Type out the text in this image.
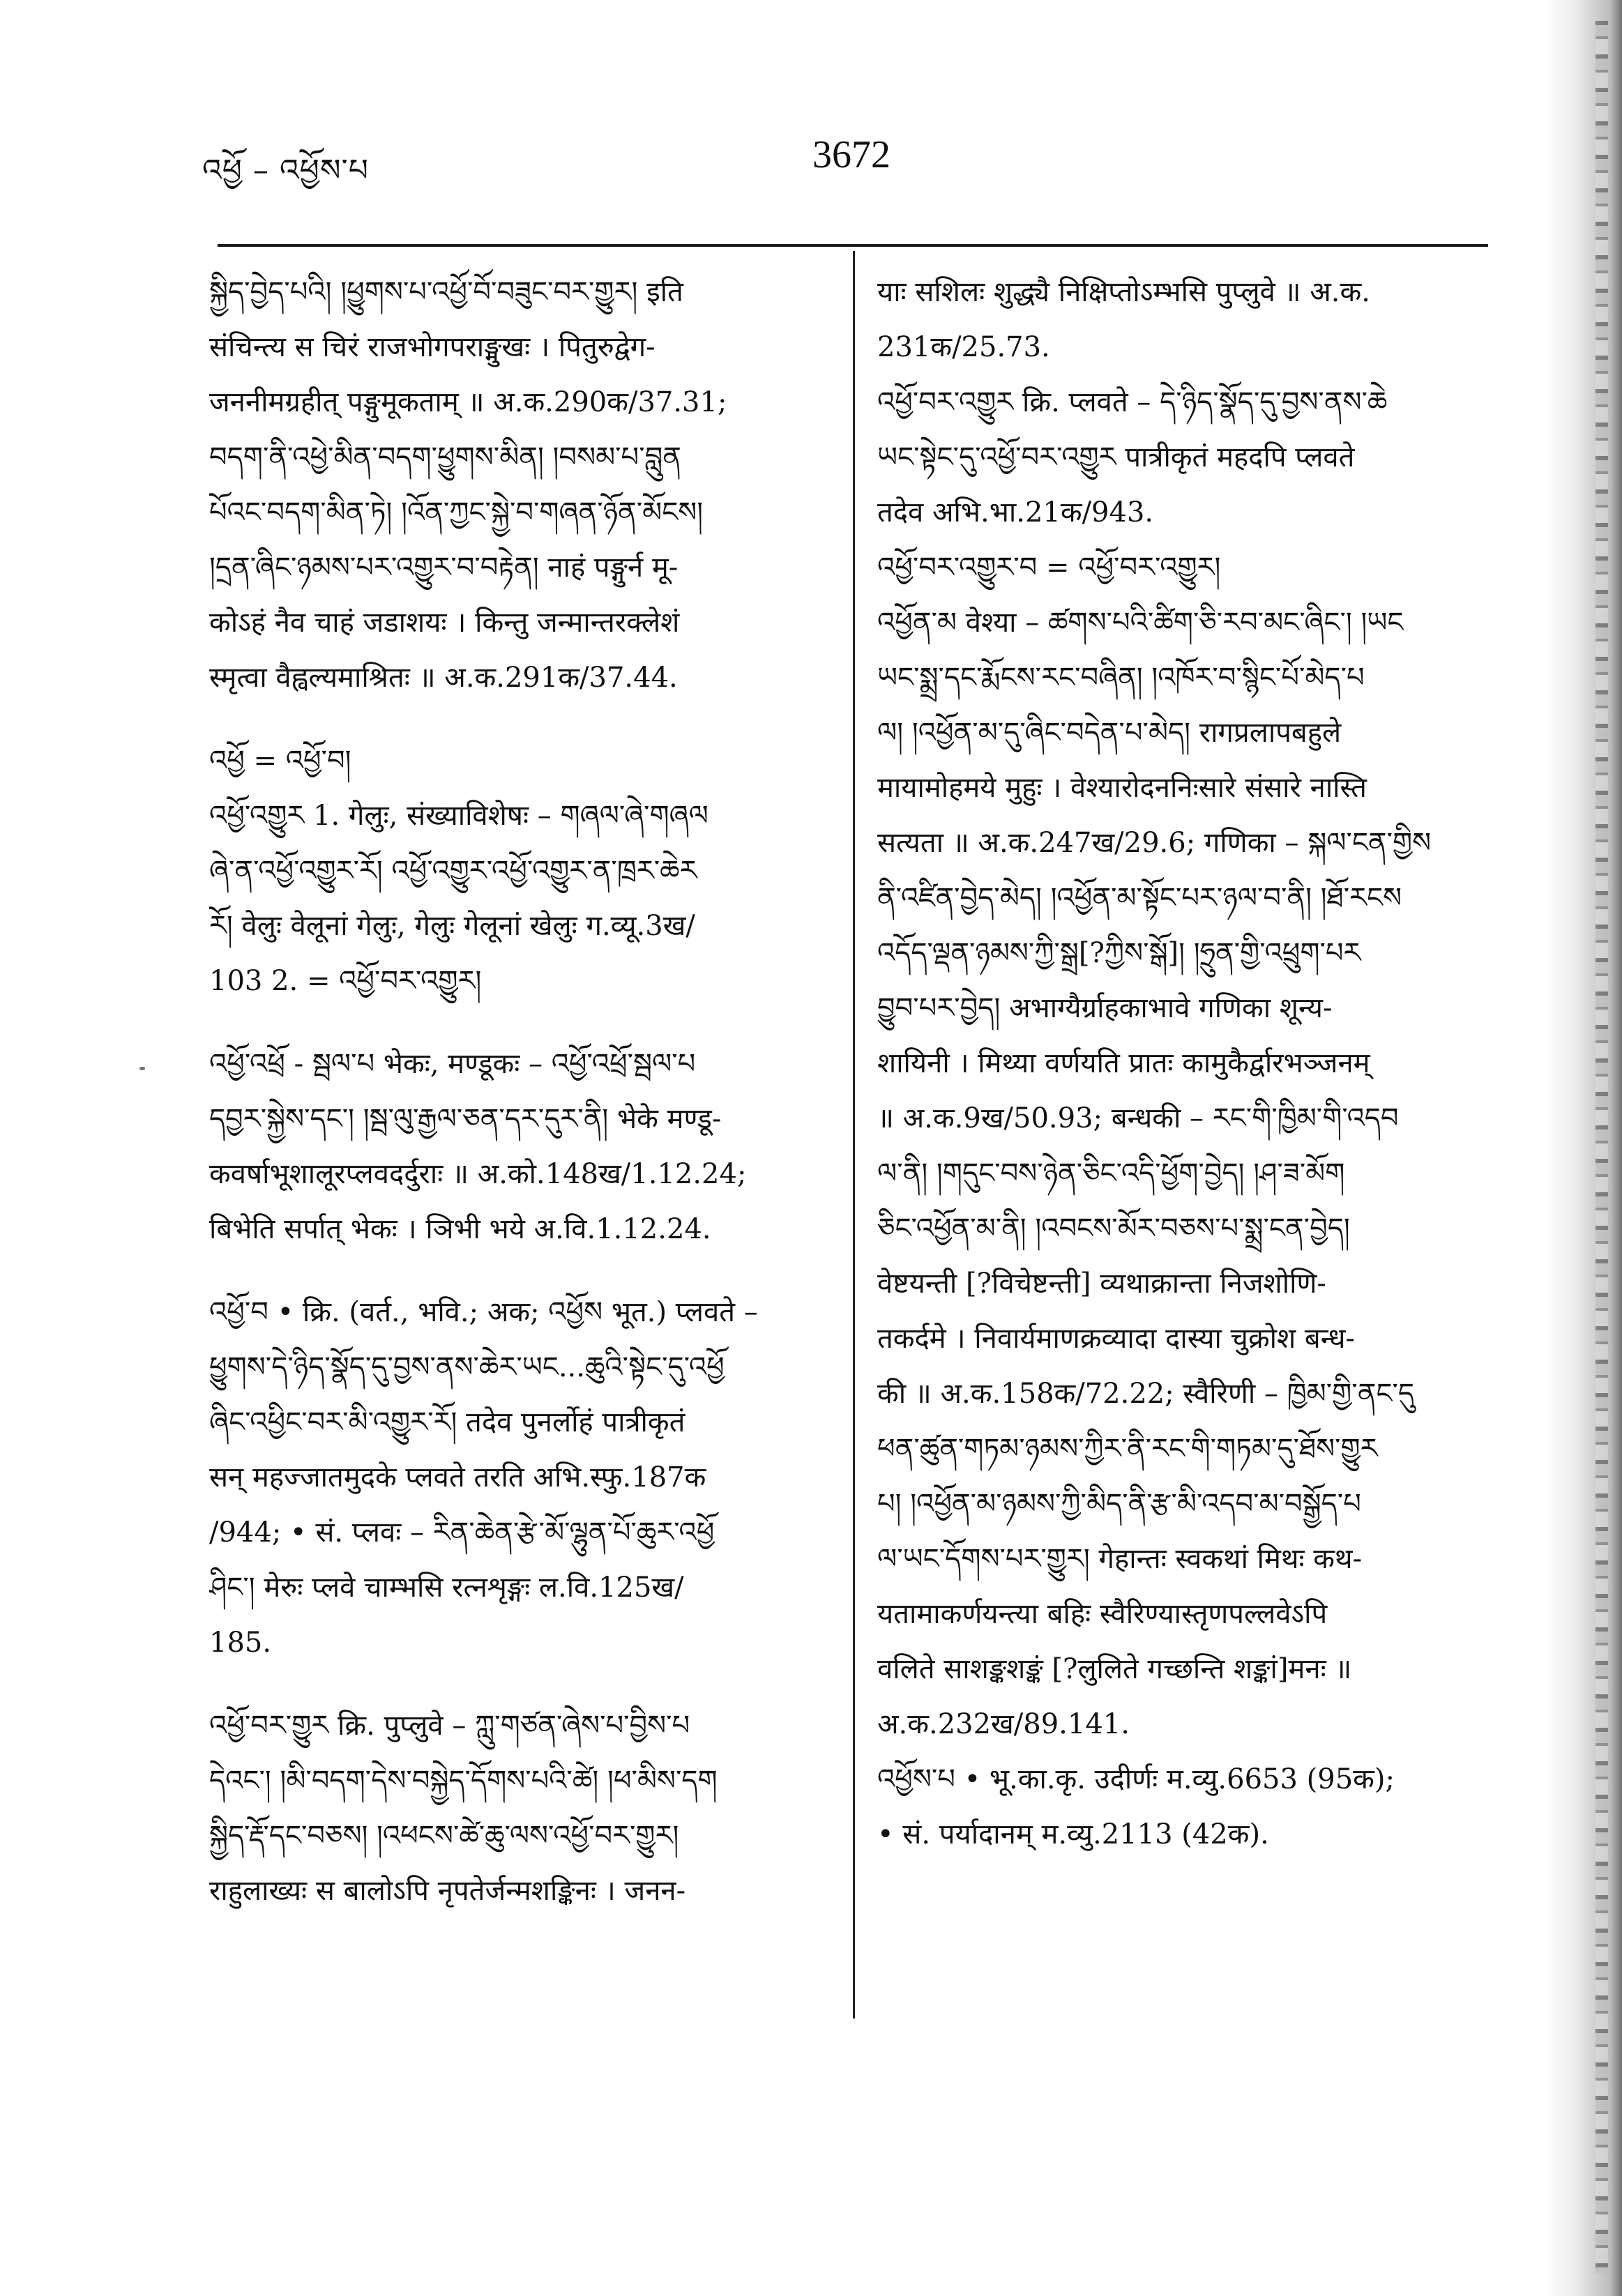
འཕྱོ – འཕྱོས་པ	3672
སྐྱིད་བྱེད་པའི། །ཕྱུགས་པ་འཕྱོ་བོ་བཟུང་བར་གྱུར། इति
संचिन्त्य स चिरं राजभोगपराङ्मुखः । पितुरुद्वेग-
जननीमग्रहीत् पङ्गुमूकताम् ॥ अ.क.290क/37.31;
བདག་ནི་འཕྱེ་མིན་བདག་ཕྱུགས་མིན། །བསམ་པ་བླུན
པོའང་བདག་མིན་ཏེ། །འོན་ཀྱང་སྐྱེ་བ་གཞན་ཉོན་མོངས།
།དྲན་ཞིང་ཉམས་པར་འགྱུར་བ་བརྟེན། नाहं पङ्गुर्न मू-
कोऽहं नैव चाहं जडाशयः । किन्तु जन्मान्तरक्लेशं
स्मृत्वा वैह्वल्यमाश्रितः ॥ अ.क.291क/37.44.
འཕྱོ = འཕྱོ་བ།
འཕྱོ་འགྱུར 1. गेलुः, संख्याविशेषः – གཞལ་ཞེ་གཞལ
ཞེ་ན་འཕྱོ་འགྱུར་རོ། འཕྱོ་འགྱུར་འཕྱོ་འགྱུར་ན་ཁྲར་ཆེར
རོ། वेलुः वेलूनां गेलुः, गेलुः गेलूनां खेलुः ग.व्यू.3ख/
103 2. = འཕྱོ་བར་འགྱུར།
འཕྱོ་འཕྲོ - སྦལ་པ भेकः, मण्डूकः – འཕྱོ་འཕྲོ་སྦལ་པ
དབྱར་སྐྱེས་དང་། །སྦ་ལུ་རྒྱལ་ཅན་དར་དུར་ནི། भेके मण्डू-
कवर्षाभूशालूरप्लवदर्दुराः ॥ अ.को.148ख/1.12.24;
बिभेति सर्पात् भेकः । ञिभी भये अ.वि.1.12.24.
འཕྱོ་བ • क्रि. (वर्त., भवि.; अक; འཕྱོས भूत.) प्लवते –
ཕྱུགས་དེ་ཉིད་སྣོད་དུ་བྱས་ནས་ཆེར་ཡང...ཆུའི་སྟེང་དུ་འཕྱོ
ཞིང་འཕྱིང་བར་མི་འགྱུར་རོ། तदेव पुनर्लोहं पात्रीकृतं
सन् महज्जातमुदके प्लवते तरति अभि.स्फु.187क
/944; • सं. प्लवः – རིན་ཆེན་རྩེ་མོ་ལྷུན་པོ་ཆུར་འཕྱོ
ཤིང་། मेरुः प्लवे चाम्भसि रत्नशृङ्गः ल.वि.125ख/
185.
འཕྱོ་བར་གྱུར क्रि. पुप्लुवे – ཀླུ་གཙན་ཞེས་པ་བྱིས་པ
དེའང་། །མི་བདག་དེས་བསྐྱེད་དོགས་པའི་ཚེ། །ཕ་མིས་དག
སྐྱིད་རྡོ་དང་བཅས། །འཕངས་ཚེ་ཆུ་ལས་འཕྱོ་བར་གྱུར།
राहुलाख्यः स बालोऽपि नृपतेर्जन्मशङ्किनः । जनन-
याः सशिलः शुद्ध्यै निक्षिप्तोऽम्भसि पुप्लुवे ॥ अ.क.
231क/25.73.
འཕྱོ་བར་འགྱུར क्रि. प्लवते – དེ་ཉིད་སྣོད་དུ་བྱས་ནས་ཆེ
ཡང་སྟེང་དུ་འཕྱོ་བར་འགྱུར पात्रीकृतं महदपि प्लवते
तदेव अभि.भा.21क/943.
འཕྱོ་བར་འགྱུར་བ = འཕྱོ་བར་འགྱུར།
འཕྱོན་མ वेश्या – ཚགས་པའི་ཚིག་ཅི་རབ་མང་ཞིང་། །ཡང
ཡང་སྨྲ་དང་རྨོངས་རང་བཞིན། །འཁོར་བ་སྙིང་པོ་མེད་པ
ལ། །འཕྱོན་མ་དུ་ཞིང་བདེན་པ་མེད། रागप्रलापबहुले
मायामोहमये मुहुः । वेश्यारोदननिःसारे संसारे नास्ति
सत्यता ॥ अ.क.247ख/29.6; गणिका – སྐལ་ངན་གྱིས
ནི་འཛིན་བྱེད་མེད། །འཕྱོན་མ་སྟོང་པར་ཉལ་བ་ནི། །ཐོ་རངས
འདོད་ལྡན་ཉམས་ཀྱི་སྒྲ[?ཀྱིས་སྒོ]། །ཧྲུན་གྱི་འཕྲུག་པར
བྱུབ་པར་བྱེད། अभाग्यैर्ग्राहकाभावे गणिका शून्य-
शायिनी । मिथ्या वर्णयति प्रातः कामुकैर्द्वारभञ्जनम्
॥ अ.क.9ख/50.93; बन्धकी – རང་གི་ཁྱིམ་གི་འདབ
ལ་ནི། །གདུང་བས་ཉེན་ཅིང་འདི་ཕྱོག་བྱེད། །ཤ་ཟ་མོག
ཅིང་འཕྱོན་མ་ནི། །འབངས་མོར་བཅས་པ་སྨྲ་ངན་བྱེད།
वेष्टयन्ती [?विचेष्टन्ती] व्यथाक्रान्ता निजशोणि-
तकर्दमे । निवार्यमाणक्रव्यादा दास्या चुक्रोश बन्ध-
की ॥ अ.क.158क/72.22; स्वैरिणी – ཁྱིམ་གྱི་ནང་དུ
ཕན་ཚུན་གཏམ་ཉམས་ཀྱིར་ནི་རང་གི་གཏམ་དུ་ཐོས་གྱུར
པ། །འཕྱོན་མ་ཉམས་ཀྱི་མིད་ནི་རྩ་མི་འདབ་མ་བསྒྱོད་པ
ལ་ཡང་དོགས་པར་གྱུར། गेहान्तः स्वकथां मिथः कथ-
यतामाकर्णयन्त्या बहिः स्वैरिण्यास्तृणपल्लवेऽपि
वलिते साशङ्कशङ्कं [?लुलिते गच्छन्ति शङ्कां]मनः ॥
अ.क.232ख/89.141.
འཕྱོས་པ • भू.का.कृ. उदीर्णः म.व्यु.6653 (95क);
• सं. पर्यादानम् म.व्यु.2113 (42क).
